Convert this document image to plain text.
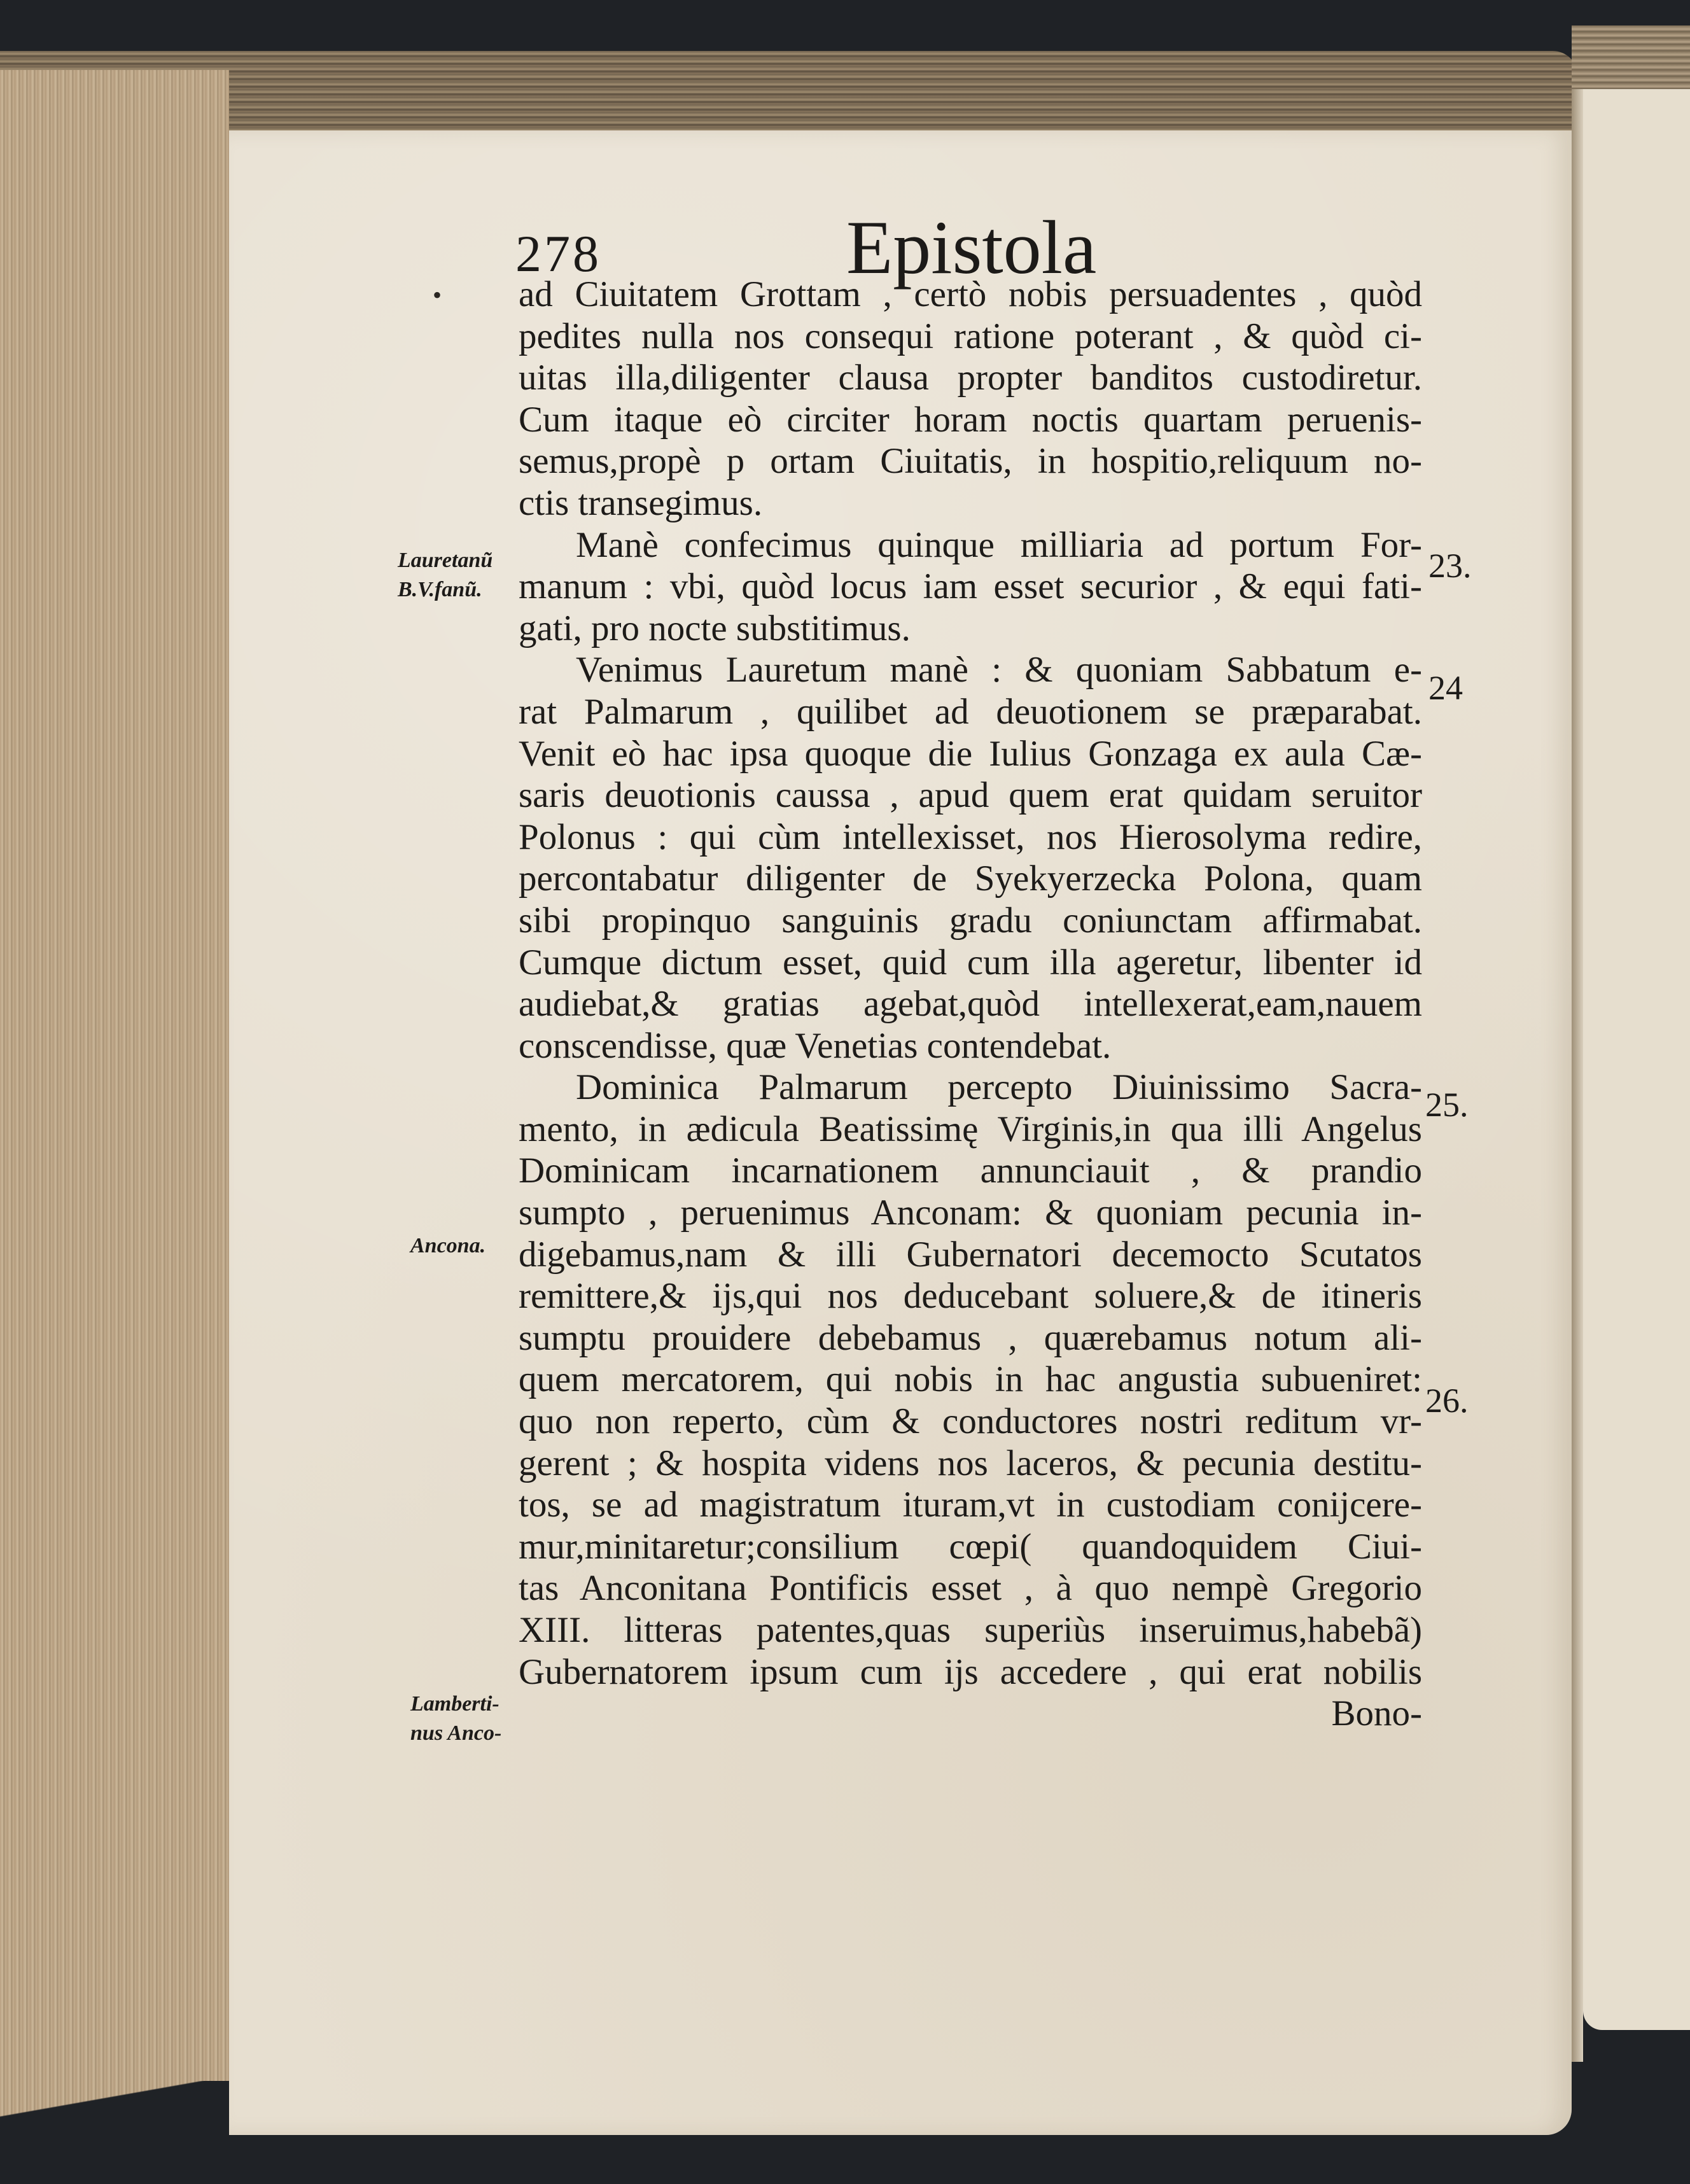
278	Epistola
• ad Ciuitatem Grottam , certò nobis persuadentes , quòd
pedites nulla nos consequi ratione poterant , & quòd ci-
uitas illa,diligenter clausa propter banditos custodiretur.
Cum itaque eò circiter horam noctis quartam peruenis-
semus,propè p ortam Ciuitatis, in hospitio,reliquum no-
ctis transegimus.
Manè confecimus quinque milliaria ad portum For-
manum : vbi, quòd locus iam esset securior , & equi fati-
gati, pro nocte substitimus.
Venimus Lauretum manè : & quoniam Sabbatum e-
rat Palmarum , quilibet ad deuotionem se præparabat.
Venit eò hac ipsa quoque die Iulius Gonzaga ex aula Cæ-
saris deuotionis caussa , apud quem erat quidam seruitor
Polonus : qui cùm intellexisset, nos Hierosolyma redire,
percontabatur diligenter de Syekyerzecka Polona, quam
sibi propinquo sanguinis gradu coniunctam affirmabat.
Cumque dictum esset, quid cum illa ageretur, libenter id
audiebat,& gratias agebat,quòd intellexerat,eam,nauem
conscendisse, quæ Venetias contendebat.
Dominica Palmarum percepto Diuinissimo Sacra-
mento, in ædicula Beatissimę Virginis,in qua illi Angelus
Dominicam incarnationem annunciauit , & prandio
sumpto , peruenimus Anconam: & quoniam pecunia in-
digebamus,nam & illi Gubernatori decemocto Scutatos
remittere,& ijs,qui nos deducebant soluere,& de itineris
sumptu prouidere debebamus , quærebamus notum ali-
quem mercatorem, qui nobis in hac angustia subueniret:
quo non reperto, cùm & conductores nostri reditum vr-
gerent ; & hospita videns nos laceros, & pecunia destitu-
tos, se ad magistratum ituram,vt in custodiam conijcere-
mur,minitaretur;consilium cœpi( quandoquidem Ciui-
tas Anconitana Pontificis esset , à quo nempè Gregorio
XIII. litteras patentes,quas superiùs inseruimus,habebã)
Gubernatorem ipsum cum ijs accedere , qui erat nobilis
Bono-
Lauretanũ
B.V.fanũ.
Ancona.
Lamberti-
nus Anco-
23.
24
25.
26.
